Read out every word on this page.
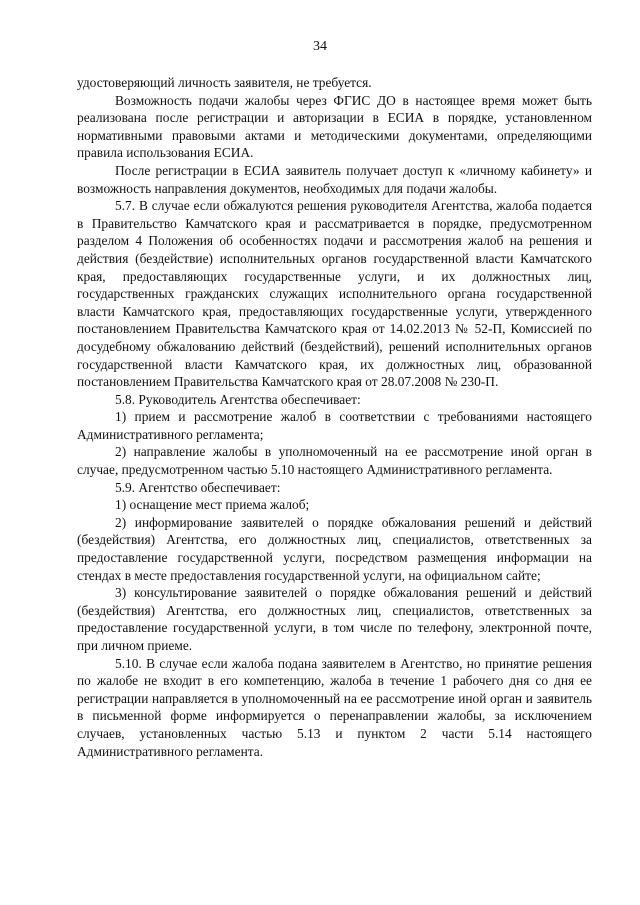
34

удостоверяющий личность заявителя, не требуется.

Возможность подачи жалобы через ФГИС ДО в настоящее время может быть реализована после регистрации и авторизации в ЕСИА в порядке, установленном нормативными правовыми актами и методическими документами, определяющими правила использования ЕСИА.

После регистрации в ЕСИА заявитель получает доступ к «личному кабинету» и возможность направления документов, необходимых для подачи жалобы.

5.7. В случае если обжалуются решения руководителя Агентства, жалоба подается в Правительство Камчатского края и рассматривается в порядке, предусмотренном разделом 4 Положения об особенностях подачи и рассмотрения жалоб на решения и действия (бездействие) исполнительных органов государственной власти Камчатского края, предоставляющих государственные услуги, и их должностных лиц, государственных гражданских служащих исполнительного органа государственной власти Камчатского края, предоставляющих государственные услуги, утвержденного постановлением Правительства Камчатского края от 14.02.2013 № 52-П, Комиссией по досудебному обжалованию действий (бездействий), решений исполнительных органов государственной власти Камчатского края, их должностных лиц, образованной постановлением Правительства Камчатского края от 28.07.2008 № 230-П.

5.8. Руководитель Агентства обеспечивает:

1) прием и рассмотрение жалоб в соответствии с требованиями настоящего Административного регламента;

2) направление жалобы в уполномоченный на ее рассмотрение иной орган в случае, предусмотренном частью 5.10 настоящего Административного регламента.

5.9. Агентство обеспечивает:

1) оснащение мест приема жалоб;

2) информирование заявителей о порядке обжалования решений и действий (бездействия) Агентства, его должностных лиц, специалистов, ответственных за предоставление государственной услуги, посредством размещения информации на стендах в месте предоставления государственной услуги, на официальном сайте;

3) консультирование заявителей о порядке обжалования решений и действий (бездействия) Агентства, его должностных лиц, специалистов, ответственных за предоставление государственной услуги, в том числе по телефону, электронной почте, при личном приеме.

5.10. В случае если жалоба подана заявителем в Агентство, но принятие решения по жалобе не входит в его компетенцию, жалоба в течение 1 рабочего дня со дня ее регистрации направляется в уполномоченный на ее рассмотрение иной орган и заявитель в письменной форме информируется о перенаправлении жалобы, за исключением случаев, установленных частью 5.13 и пунктом 2 части 5.14 настоящего Административного регламента.
